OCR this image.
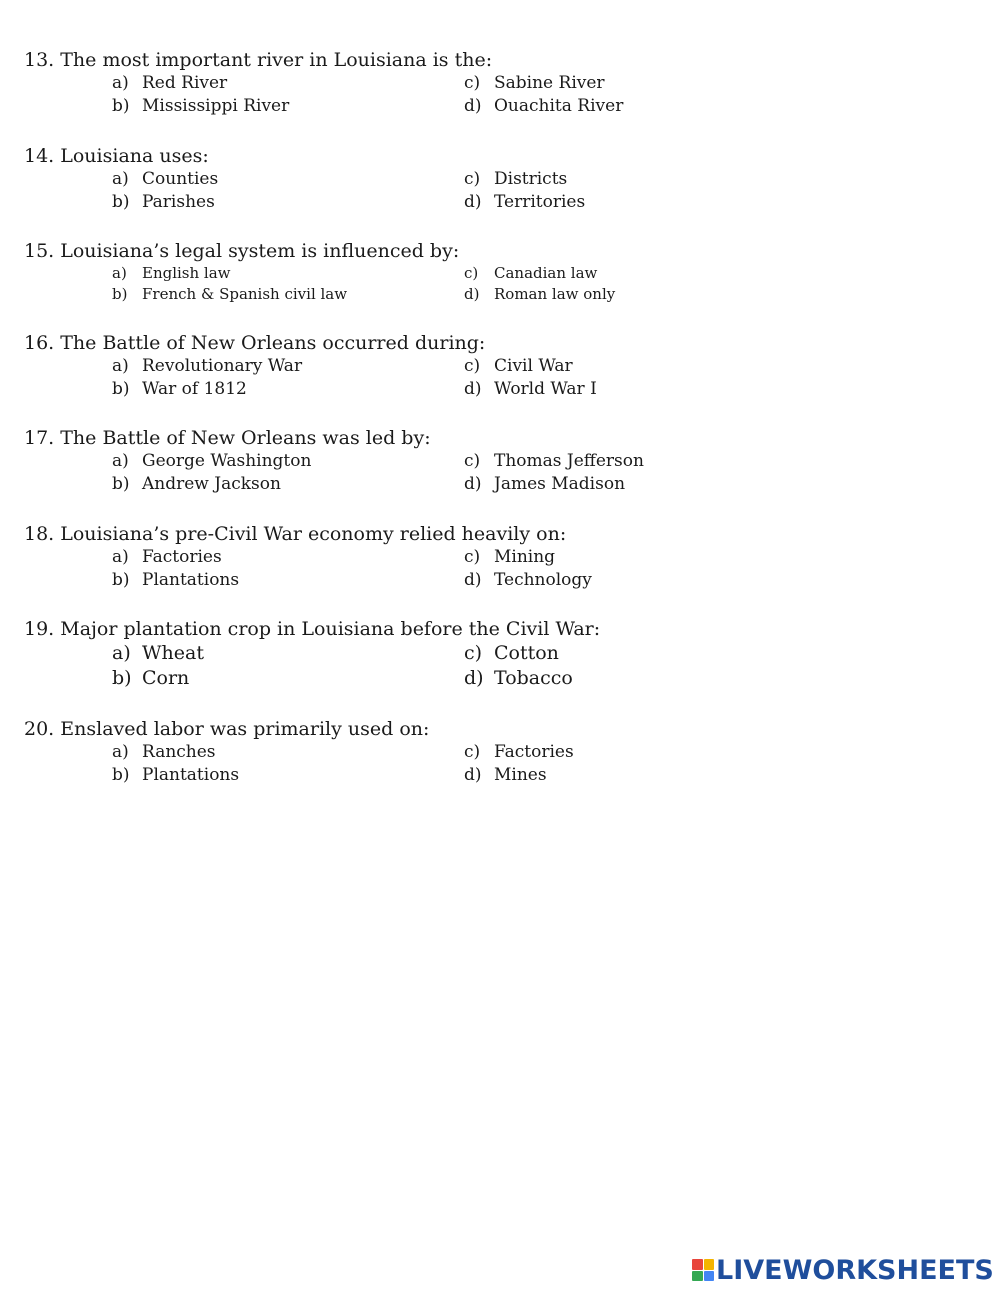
13. The most important river in Louisiana is the:
a) Red River
b) Mississippi River
c) Sabine River
d) Ouachita River
14. Louisiana uses:
a) Counties
b) Parishes
c) Districts
d) Territories
15. Louisiana’s legal system is influenced by:
a) English law
b) French & Spanish civil law
c) Canadian law
d) Roman law only
16. The Battle of New Orleans occurred during:
a) Revolutionary War
b) War of 1812
c) Civil War
d) World War I
17. The Battle of New Orleans was led by:
a) George Washington
b) Andrew Jackson
c) Thomas Jefferson
d) James Madison
18. Louisiana’s pre-Civil War economy relied heavily on:
a) Factories
b) Plantations
c) Mining
d) Technology
19. Major plantation crop in Louisiana before the Civil War:
a) Wheat
b) Corn
c) Cotton
d) Tobacco
20. Enslaved labor was primarily used on:
a) Ranches
b) Plantations
c) Factories
d) Mines
LIVEWORKSHEETS
